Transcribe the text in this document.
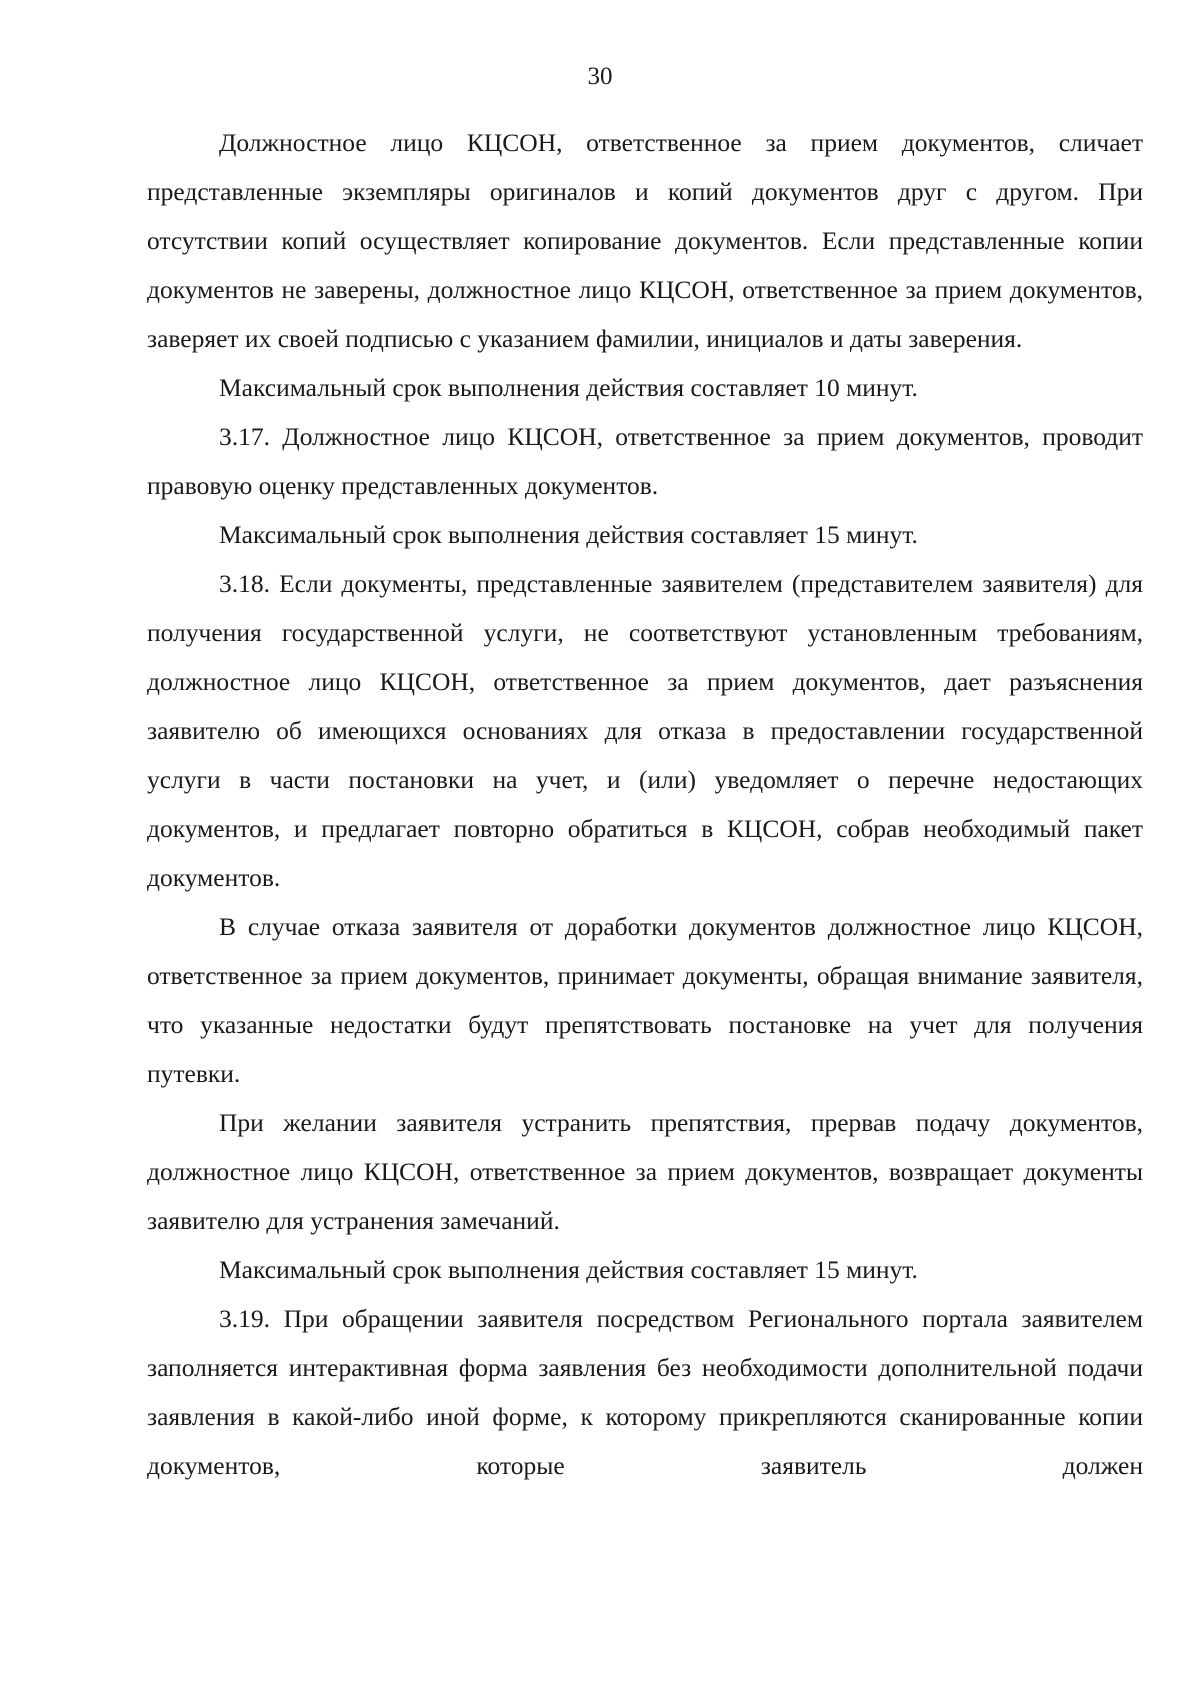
30

Должностное лицо КЦСОН, ответственное за прием документов, сличает представленные экземпляры оригиналов и копий документов друг с другом. При отсутствии копий осуществляет копирование документов. Если представленные копии документов не заверены, должностное лицо КЦСОН, ответственное за прием документов, заверяет их своей подписью с указанием фамилии, инициалов и даты заверения.

Максимальный срок выполнения действия составляет 10 минут.

3.17. Должностное лицо КЦСОН, ответственное за прием документов, проводит правовую оценку представленных документов.

Максимальный срок выполнения действия составляет 15 минут.

3.18. Если документы, представленные заявителем (представителем заявителя) для получения государственной услуги, не соответствуют установленным требованиям, должностное лицо КЦСОН, ответственное за прием документов, дает разъяснения заявителю об имеющихся основаниях для отказа в предоставлении государственной услуги в части постановки на учет, и (или) уведомляет о перечне недостающих документов, и предлагает повторно обратиться в КЦСОН, собрав необходимый пакет документов.

В случае отказа заявителя от доработки документов должностное лицо КЦСОН, ответственное за прием документов, принимает документы, обращая внимание заявителя, что указанные недостатки будут препятствовать постановке на учет для получения путевки.

При желании заявителя устранить препятствия, прервав подачу документов, должностное лицо КЦСОН, ответственное за прием документов, возвращает документы заявителю для устранения замечаний.

Максимальный срок выполнения действия составляет 15 минут.

3.19. При обращении заявителя посредством Регионального портала заявителем заполняется интерактивная форма заявления без необходимости дополнительной подачи заявления в какой-либо иной форме, к которому прикрепляются сканированные копии документов, которые заявитель должен
